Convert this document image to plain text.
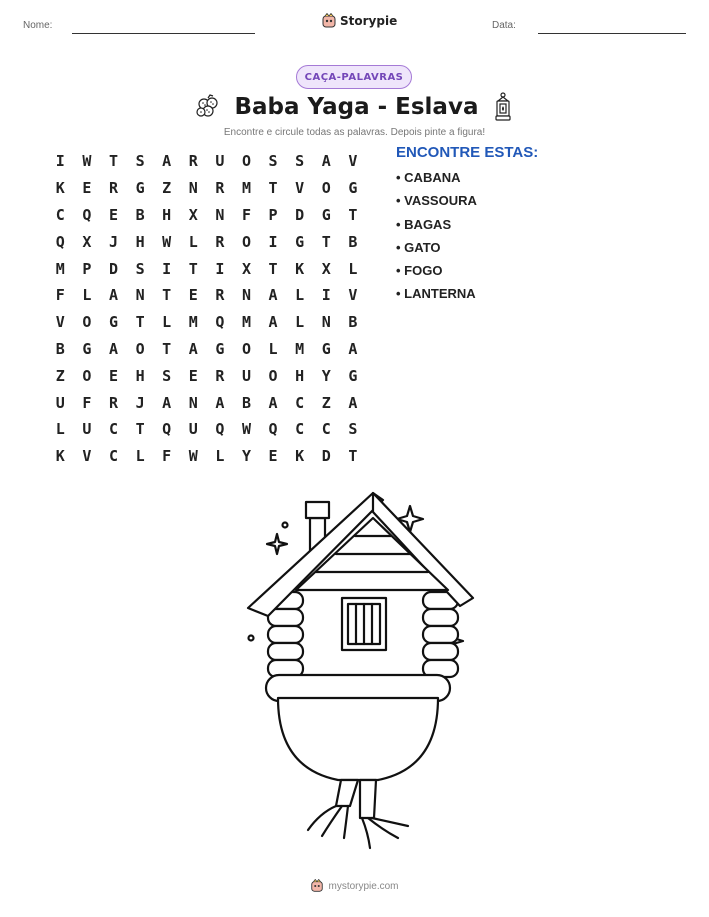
Nome:	Storypie	Data:
CAÇA-PALAVRAS
Baba Yaga - Eslava
Encontre e circule todas as palavras. Depois pinte a figura!
I	W	T	S	A	R	U	O	S	S	A	V
K	E	R	G	Z	N	R	M	T	V	O	G
C	Q	E	B	H	X	N	F	P	D	G	T
Q	X	J	H	W	L	R	O	I	G	T	B
M	P	D	S	I	T	I	X	T	K	X	L
F	L	A	N	T	E	R	N	A	L	I	V
V	O	G	T	L	M	Q	M	A	L	N	B
B	G	A	O	T	A	G	O	L	M	G	A
Z	O	E	H	S	E	R	U	O	H	Y	G
U	F	R	J	A	N	A	B	A	C	Z	A
L	U	C	T	Q	U	Q	W	Q	C	C	S
K	V	C	L	F	W	L	Y	E	K	D	T
ENCONTRE ESTAS:
• CABANA
• VASSOURA
• BAGAS
• GATO
• FOGO
• LANTERNA
mystorypie.com
